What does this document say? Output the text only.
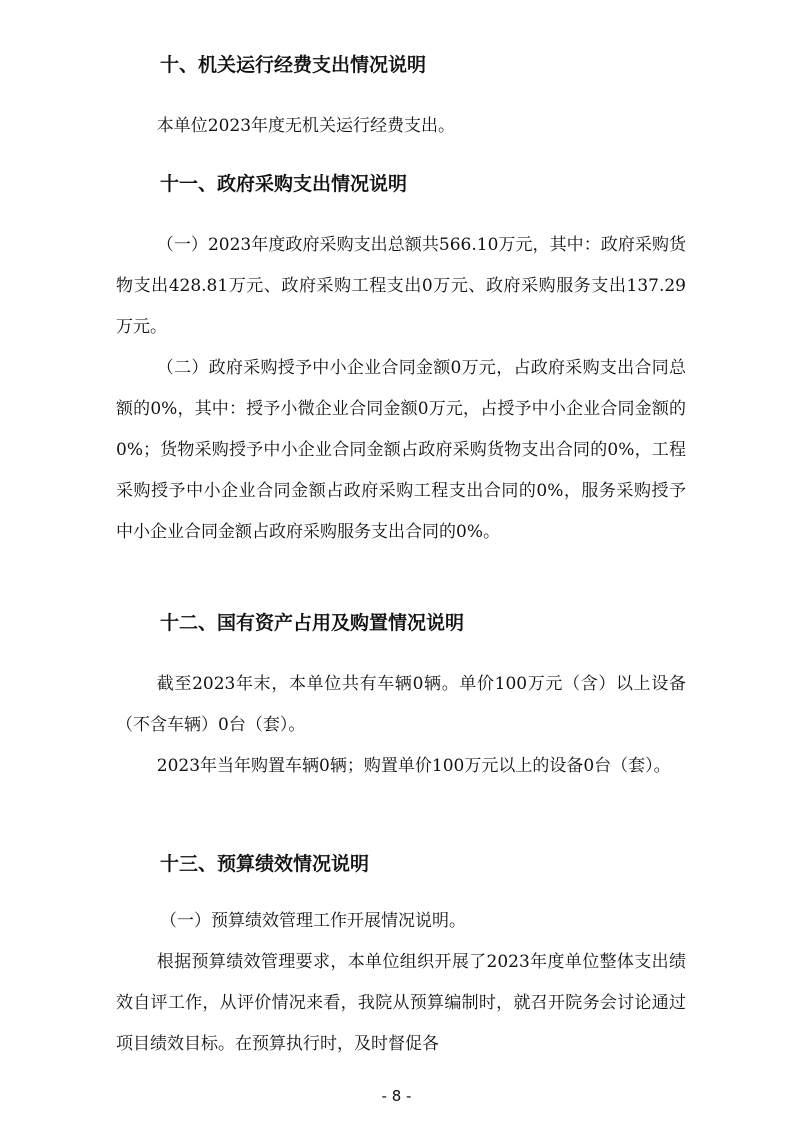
十、机关运行经费支出情况说明

本单位2023年度无机关运行经费支出。

十一、政府采购支出情况说明

（一）2023年度政府采购支出总额共566.10万元，其中：政府采购货物支出428.81万元、政府采购工程支出0万元、政府采购服务支出137.29万元。

（二）政府采购授予中小企业合同金额0万元，占政府采购支出合同总额的0%，其中：授予小微企业合同金额0万元，占授予中小企业合同金额的0%；货物采购授予中小企业合同金额占政府采购货物支出合同的0%，工程采购授予中小企业合同金额占政府采购工程支出合同的0%，服务采购授予中小企业合同金额占政府采购服务支出合同的0%。

十二、国有资产占用及购置情况说明

截至2023年末，本单位共有车辆0辆。单价100万元（含）以上设备（不含车辆）0台（套）。

2023年当年购置车辆0辆；购置单价100万元以上的设备0台（套）。

十三、预算绩效情况说明
（一）预算绩效管理工作开展情况说明。

根据预算绩效管理要求，本单位组织开展了2023年度单位整体支出绩效自评工作，从评价情况来看，我院从预算编制时，就召开院务会讨论通过项目绩效目标。在预算执行时，及时督促各

- 8 -
